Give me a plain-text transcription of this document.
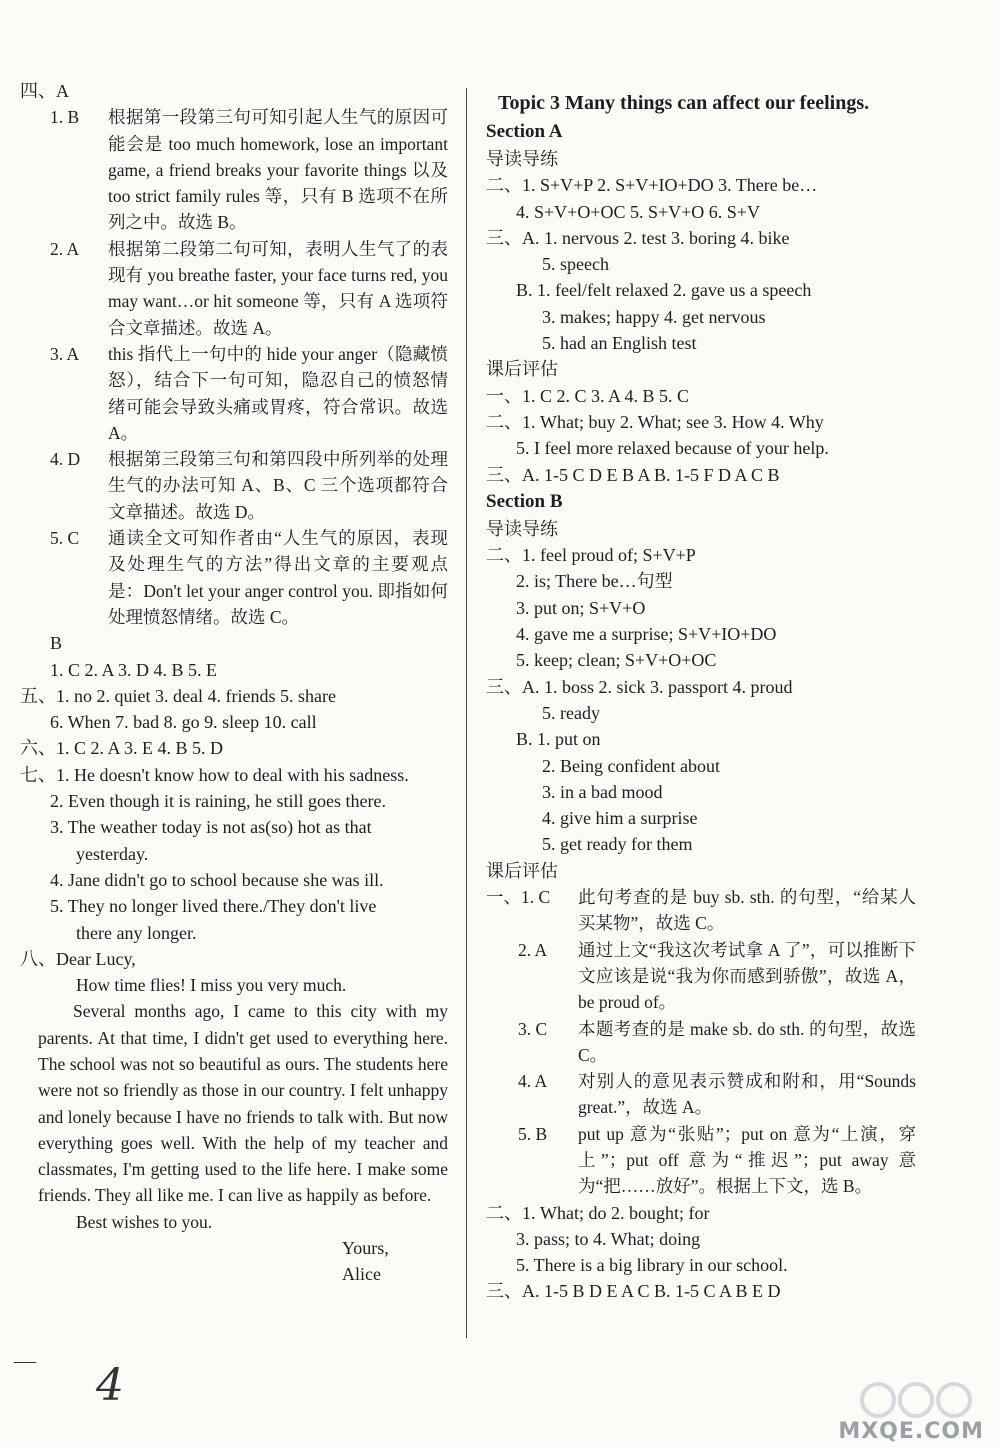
四、A
1. B	根据第一段第三句可知引起人生气的原因可能会是 too much homework, lose an important game, a friend breaks your favorite things 以及 too strict family rules 等，只有 B 选项不在所列之中。故选 B。
2. A	根据第二段第二句可知，表明人生气了的表现有 you breathe faster, your face turns red, you may want…or hit someone 等，只有 A 选项符合文章描述。故选 A。
3. A	this 指代上一句中的 hide your anger（隐藏愤怒），结合下一句可知，隐忍自己的愤怒情绪可能会导致头痛或胃疼，符合常识。故选 A。
4. D	根据第三段第三句和第四段中所列举的处理生气的办法可知 A、B、C 三个选项都符合文章描述。故选 D。
5. C	通读全文可知作者由“人生气的原因，表现及处理生气的方法”得出文章的主要观点是：Don't let your anger control you. 即指如何处理愤怒情绪。故选 C。
B
1. C 2. A 3. D 4. B 5. E
五、1. no 2. quiet 3. deal 4. friends 5. share
6. When 7. bad 8. go 9. sleep 10. call
六、1. C 2. A 3. E 4. B 5. D
七、1. He doesn't know how to deal with his sadness.
2. Even though it is raining, he still goes there.
3. The weather today is not as(so) hot as that
yesterday.
4. Jane didn't go to school because she was ill.
5. They no longer lived there./They don't live
there any longer.
八、Dear Lucy,
How time flies! I miss you very much.
Several months ago, I came to this city with my parents. At that time, I didn't get used to everything here. The school was not so beautiful as ours. The students here were not so friendly as those in our country. I felt unhappy and lonely because I have no friends to talk with. But now everything goes well. With the help of my teacher and classmates, I'm getting used to the life here. I make some friends. They all like me. I can live as happily as before.
Best wishes to you.
Yours,
Alice
Topic 3 Many things can affect our feelings.
Section A
导读导练
二、1. S+V+P 2. S+V+IO+DO 3. There be…
4. S+V+O+OC 5. S+V+O 6. S+V
三、A. 1. nervous 2. test 3. boring 4. bike
5. speech
B. 1. feel/felt relaxed 2. gave us a speech
3. makes; happy 4. get nervous
5. had an English test
课后评估
一、1. C 2. C 3. A 4. B 5. C
二、1. What; buy 2. What; see 3. How 4. Why
5. I feel more relaxed because of your help.
三、A. 1-5 C D E B A B. 1-5 F D A C B
Section B
导读导练
二、1. feel proud of; S+V+P
2. is; There be…句型
3. put on; S+V+O
4. gave me a surprise; S+V+IO+DO
5. keep; clean; S+V+O+OC
三、A. 1. boss 2. sick 3. passport 4. proud
5. ready
B. 1. put on
2. Being confident about
3. in a bad mood
4. give him a surprise
5. get ready for them
课后评估
一、1. C	此句考查的是 buy sb. sth. 的句型，“给某人买某物”，故选 C。
2. A	通过上文“我这次考试拿 A 了”，可以推断下文应该是说“我为你而感到骄傲”，故选 A，be proud of。
3. C	本题考查的是 make sb. do sth. 的句型，故选 C。
4. A	对别人的意见表示赞成和附和，用“Sounds great.”，故选 A。
5. B	put up 意为“张贴”；put on 意为“上演，穿上”；put off 意为“推迟”；put away 意为“把……放好”。根据上下文，选 B。
二、1. What; do 2. bought; for
3. pass; to 4. What; doing
5. There is a big library in our school.
三、A. 1-5 B D E A C B. 1-5 C A B E D
4
MXQE.COM
